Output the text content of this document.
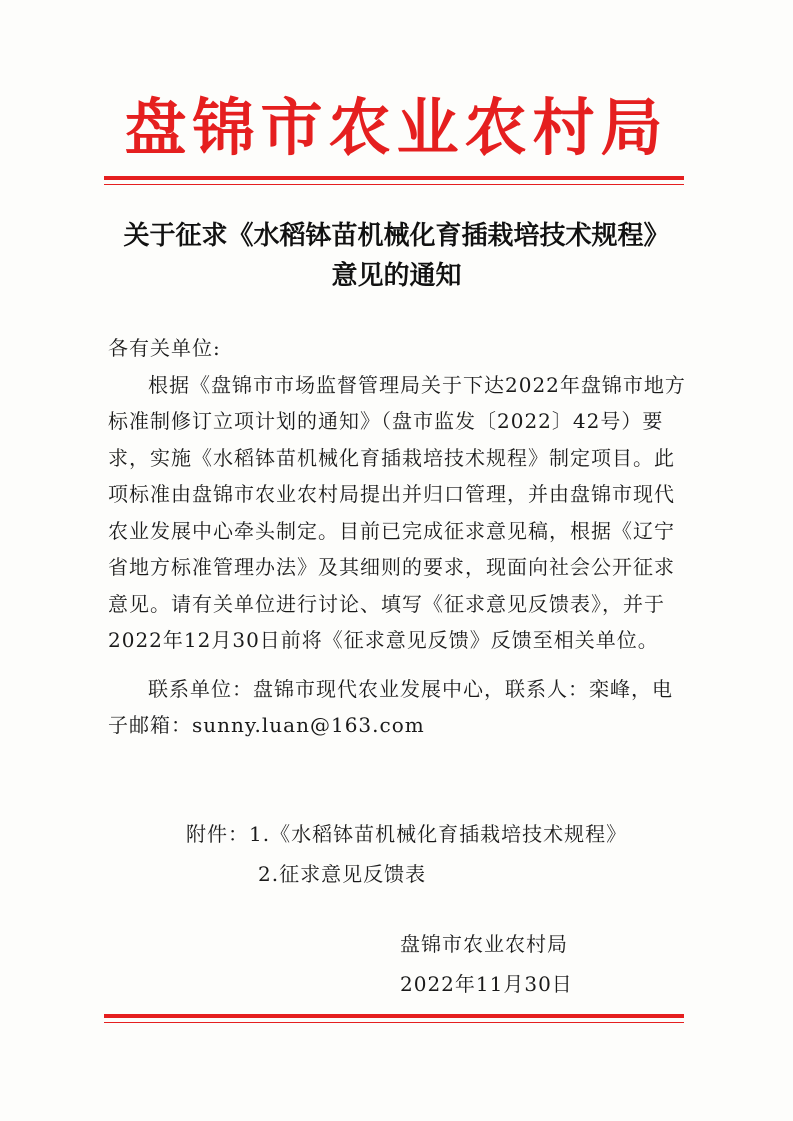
盘锦市农业农村局
关于征求《水稻钵苗机械化育插栽培技术规程》
意见的通知

各有关单位:

根据《盘锦市市场监督管理局关于下达2022年盘锦市地方标准制修订立项计划的通知》（盘市监发〔2022〕42号）要求，实施《水稻钵苗机械化育插栽培技术规程》制定项目。此项标准由盘锦市农业农村局提出并归口管理，并由盘锦市现代农业发展中心牵头制定。目前已完成征求意见稿，根据《辽宁省地方标准管理办法》及其细则的要求，现面向社会公开征求意见。请有关单位进行讨论、填写《征求意见反馈表》，并于2022年12月30日前将《征求意见反馈》反馈至相关单位。

联系单位：盘锦市现代农业发展中心，联系人：栾峰，电子邮箱：sunny.luan@163.com

附件：1.《水稻钵苗机械化育插栽培技术规程》
2.征求意见反馈表
盘锦市农业农村局
2022年11月30日
